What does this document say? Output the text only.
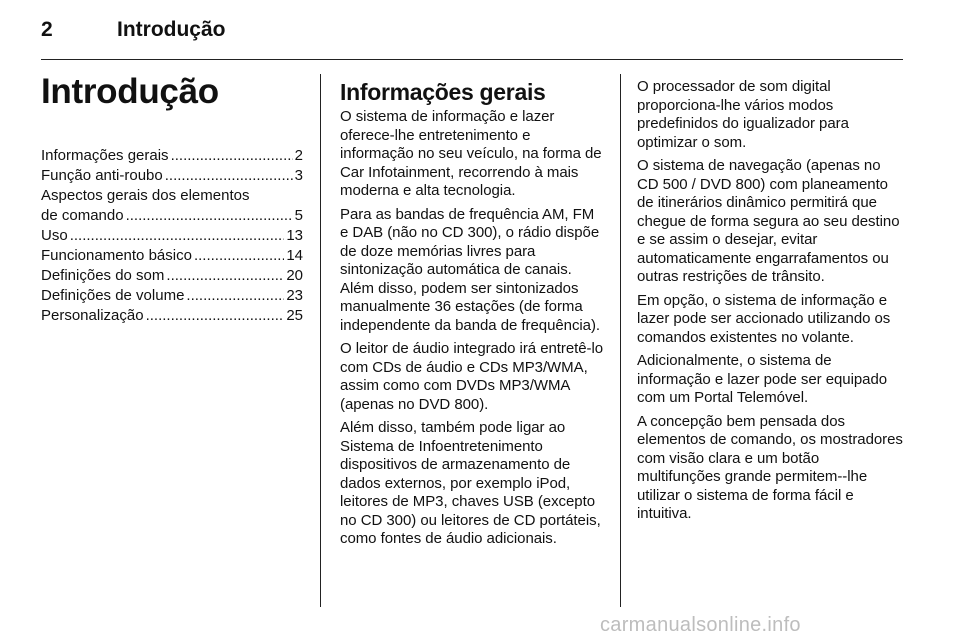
2	Introdução
Introdução
Informações gerais .....	2
Função anti-roubo .....	3
Aspectos gerais dos elementos
de comando .....	5
Uso .....	13
Funcionamento básico .....	14
Definições do som .....	20
Definições de volume .....	23
Personalização .....	25
Informações gerais

O sistema de informação e lazer oferece-lhe entretenimento e informação no seu veículo, na forma de Car Infotainment, recorrendo à mais moderna e alta tecnologia.

Para as bandas de frequência AM, FM e DAB (não no CD 300), o rádio dispõe de doze memórias livres para sintonização automática de canais. Além disso, podem ser sintonizados manualmente 36 estações (de forma independente da banda de frequência).

O leitor de áudio integrado irá entretê-lo com CDs de áudio e CDs MP3/WMA, assim como com DVDs MP3/WMA (apenas no DVD 800).

Além disso, também pode ligar ao Sistema de Infoentretenimento dispositivos de armazenamento de dados externos, por exemplo iPod, leitores de MP3, chaves USB (excepto no CD 300) ou leitores de CD portáteis, como fontes de áudio adicionais.

O processador de som digital proporciona-lhe vários modos predefinidos do igualizador para optimizar o som.

O sistema de navegação (apenas no CD 500 / DVD 800) com planeamento de itinerários dinâmico permitirá que chegue de forma segura ao seu destino e se assim o desejar, evitar automaticamente engarrafamentos ou outras restrições de trânsito.

Em opção, o sistema de informação e lazer pode ser accionado utilizando os comandos existentes no volante.

Adicionalmente, o sistema de informação e lazer pode ser equipado com um Portal Telemóvel.

A concepção bem pensada dos elementos de comando, os mostradores com visão clara e um botão multifunções grande permitem--lhe utilizar o sistema de forma fácil e intuitiva.

carmanualsonline.info
